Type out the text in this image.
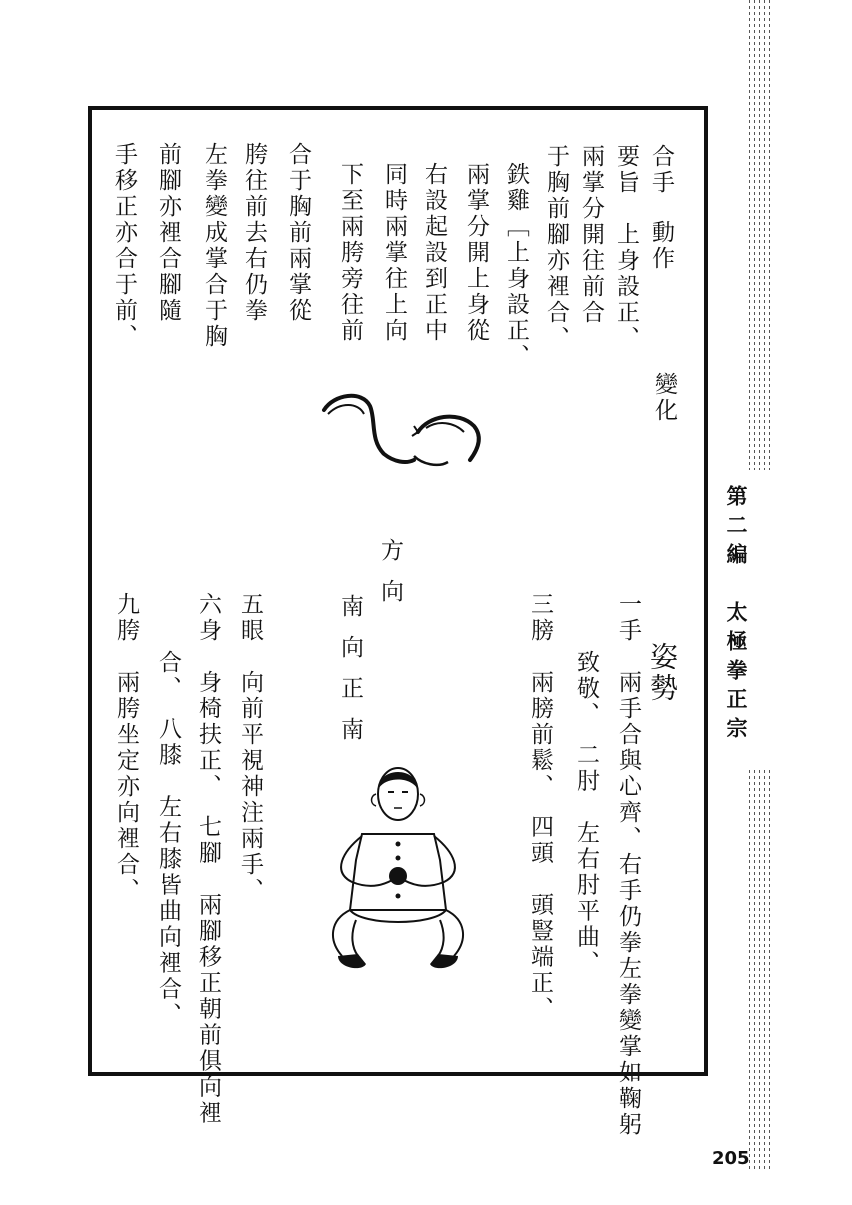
第二編　太極拳正宗
205
合手
動作
要旨　上身設正、
兩掌分開往前合
于胸前腳亦裡合、
鉄雞［上身設正、
兩掌分開上身從
右設起設到正中
同時兩掌往上向
下至兩胯旁往前
合于胸前兩掌從
胯往前去右仍拳
左拳變成掌合于胸
前腳亦裡合腳隨
手移正亦合于前、
變化
方向
南向正南	姿勢
一手　兩手合與心齊、右手仍拳左拳變掌如鞠躬
致敬、　二肘　左右肘平曲、
三膀　兩膀前鬆、　四頭　頭豎端正、
五眼　向前平視神注兩手、
六身　身椅扶正、　七腳　兩腳移正朝前俱向裡
合、　八膝　左右膝皆曲向裡合、
九胯　兩胯坐定亦向裡合、
